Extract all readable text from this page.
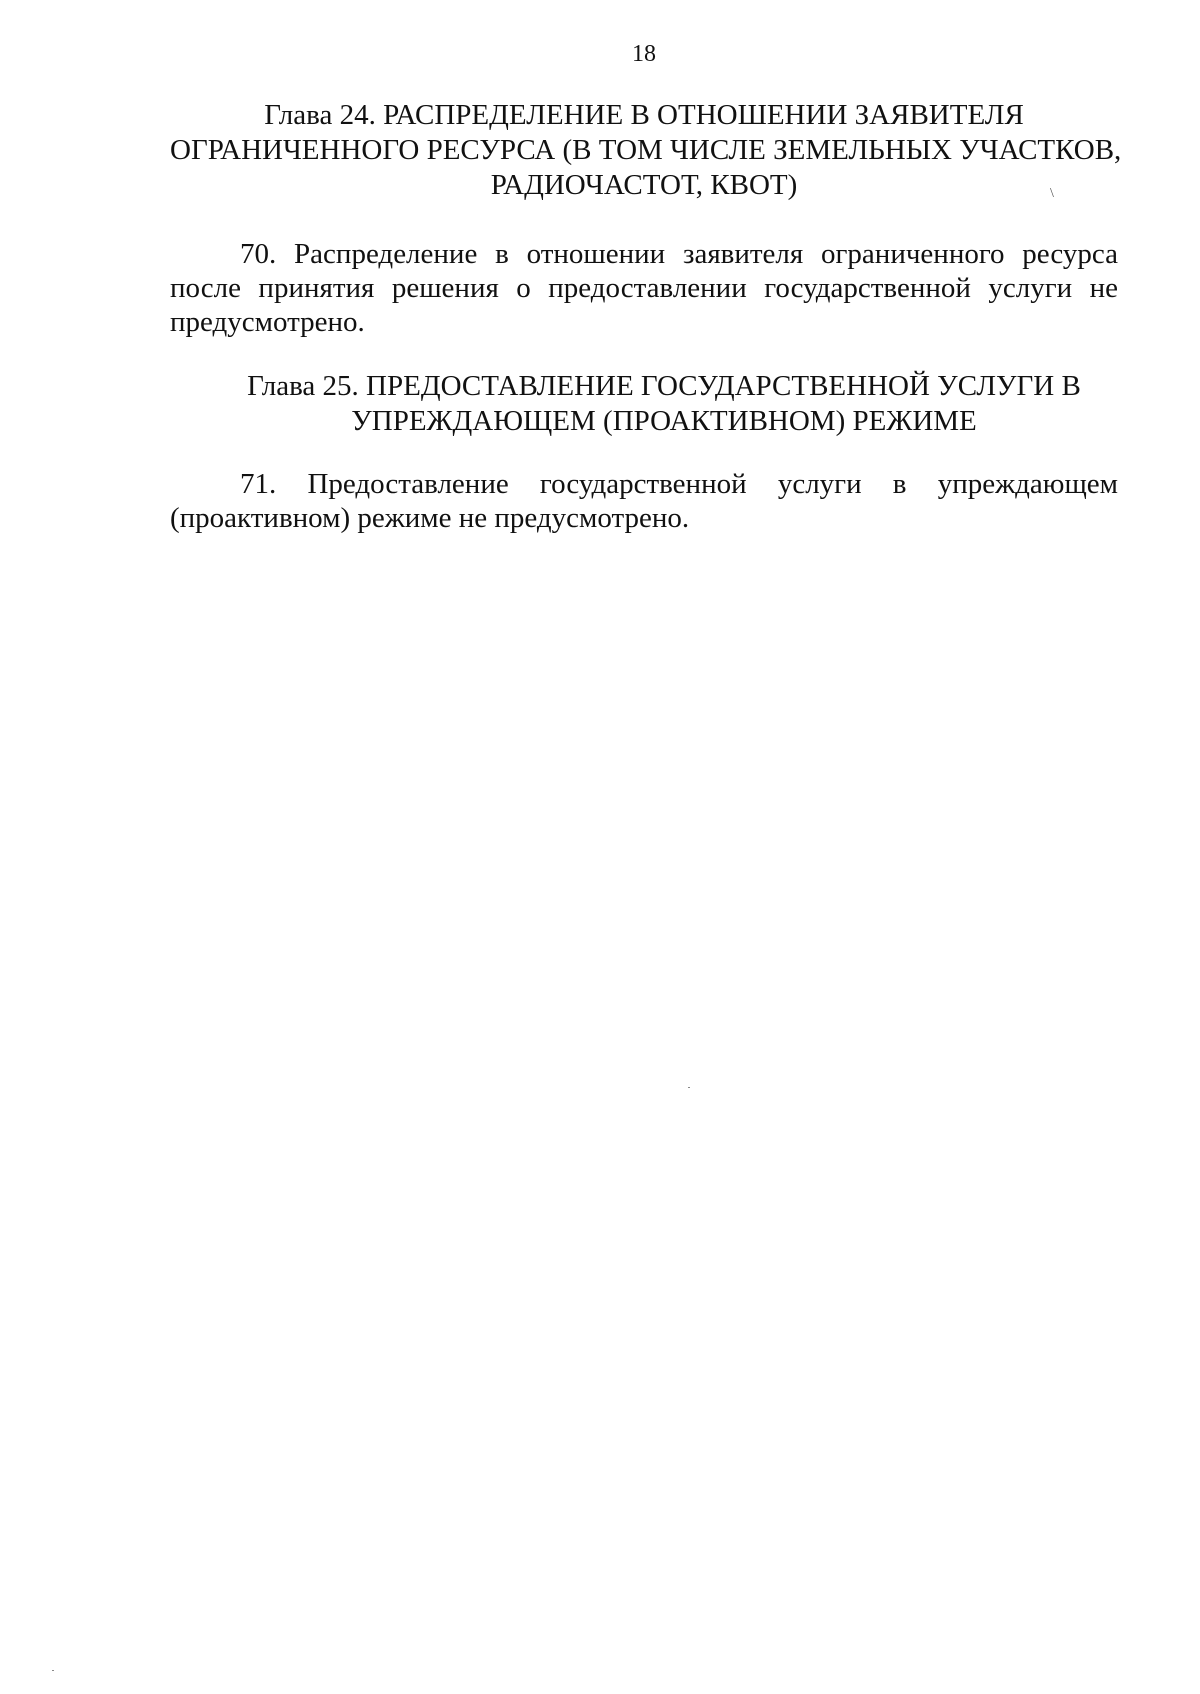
18
\
Глава 24. РАСПРЕДЕЛЕНИЕ В ОТНОШЕНИИ ЗАЯВИТЕЛЯ
ОГРАНИЧЕННОГО РЕСУРСА (В ТОМ ЧИСЛЕ ЗЕМЕЛЬНЫХ УЧАСТКОВ,
РАДИОЧАСТОТ, КВОТ)

70. Распределение в отношении заявителя ограниченного ресурса после принятия решения о предоставлении государственной услуги не предусмотрено.

Глава 25. ПРЕДОСТАВЛЕНИЕ ГОСУДАРСТВЕННОЙ УСЛУГИ В
УПРЕЖДАЮЩЕМ (ПРОАКТИВНОМ) РЕЖИМЕ

71. Предоставление государственной услуги в упреждающем (проактивном) режиме не предусмотрено.
